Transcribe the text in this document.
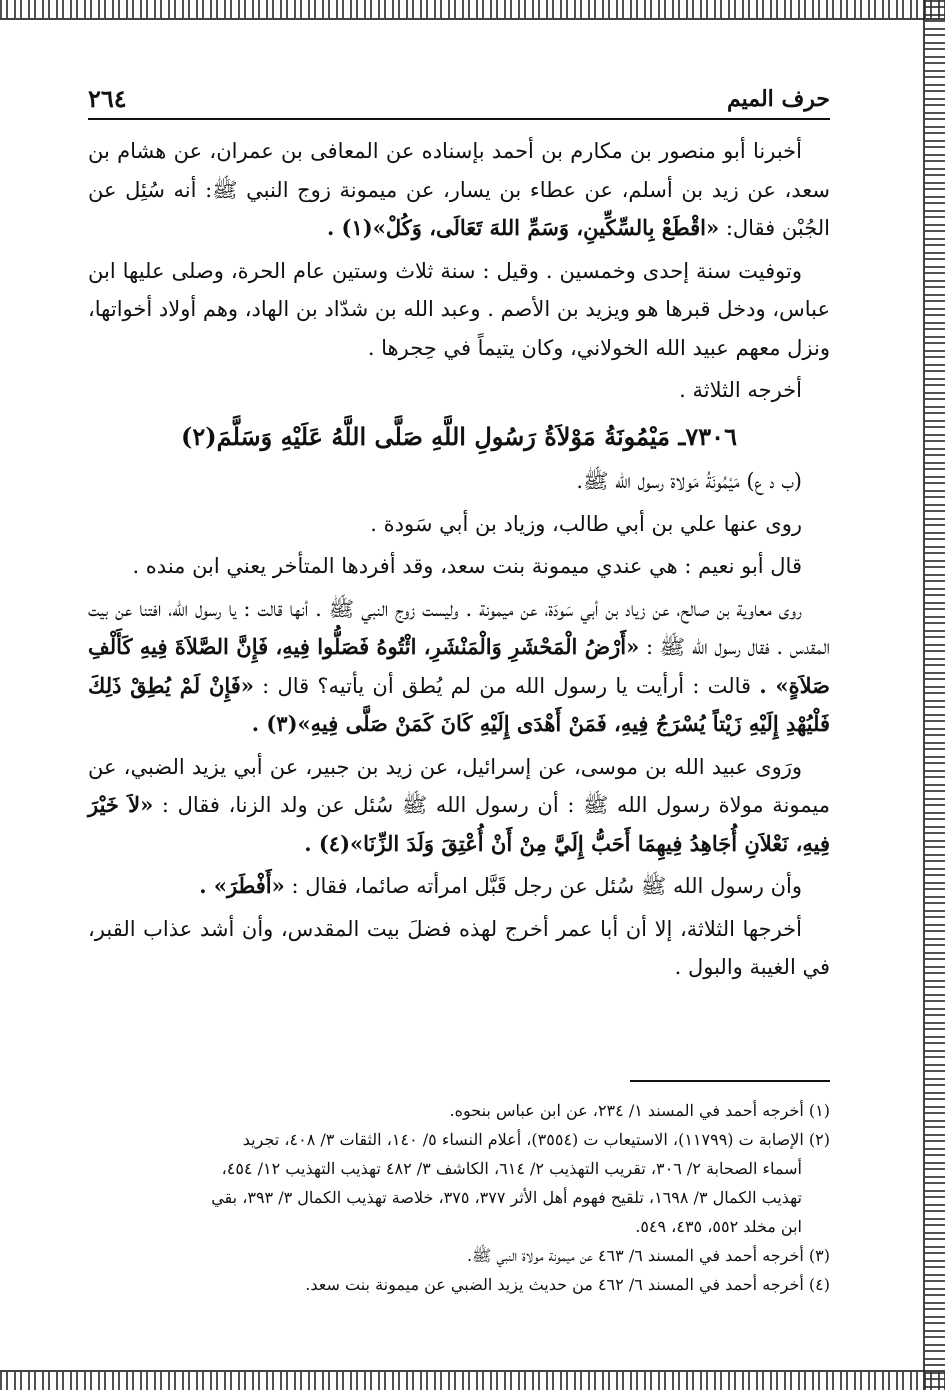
حرف الميم
٢٦٤

أخبرنا أبو منصور بن مكارم بن أحمد بإسناده عن المعافى بن عمران، عن هشام بن سعد، عن زيد بن أسلم، عن عطاء بن يسار، عن ميمونة زوج النبي ﷺ: أنه سُئِل عن الجُبْن فقال: «اقْطَعْ بِالسِّكِّينِ، وَسَمِّ اللهَ تَعَالَى، وَكُلْ»(١) .

وتوفيت سنة إحدى وخمسين . وقيل : سنة ثلاث وستين عام الحرة، وصلى عليها ابن عباس، ودخل قبرها هو ويزيد بن الأصم . وعبد الله بن شدّاد بن الهاد، وهم أولاد أخواتها، ونزل معهم عبيد الله الخولاني، وكان يتيماً في حِجرها .

أخرجه الثلاثة .

٧٣٠٦ـ مَيْمُونَةُ مَوْلاَةُ رَسُولِ اللَّهِ صَلَّى اللَّهُ عَلَيْهِ وَسَلَّمَ(٢)

(ب د ع) مَيْمُونَةُ مَولاة رسول الله ﷺ.

روى عنها علي بن أبي طالب، وزياد بن أبي سَودة .

قال أبو نعيم : هي عندي ميمونة بنت سعد، وقد أفردها المتأخر يعني ابن منده .

روى معاوية بن صالح، عن زياد بن أبي سَودَة، عن ميمونة . وليست زوج النبي ﷺ . أنها قالت : يا رسول الله، افتنا عن بيت المقدس . فقال رسول الله ﷺ : «أَرْضُ الْمَحْشَرِ وَالْمَنْشَرِ، ائْتُوهُ فَصَلُّوا فِيهِ، فَإِنَّ الصَّلاَةَ فِيهِ كَأَلْفِ صَلاَةٍ» . قالت : أرأيت يا رسول الله من لم يُطق أن يأتيه؟ قال : «فَإِنْ لَمْ يُطِقْ ذَلِكَ فَلْيُهْدِ إِلَيْهِ زَيْتاً يُسْرَجُ فِيهِ، فَمَنْ أَهْدَى إِلَيْهِ كَانَ كَمَنْ صَلَّى فِيهِ»(٣) .

ورَوى عبيد الله بن موسى، عن إسرائيل، عن زيد بن جبير، عن أبي يزيد الضبي، عن ميمونة مولاة رسول الله ﷺ : أن رسول الله ﷺ سُئل عن ولد الزنا، فقال : «لاَ خَيْرَ فِيهِ، نَعْلاَنِ أُجَاهِدُ فِيهِمَا أَحَبُّ إِلَيَّ مِنْ أَنْ أُعْتِقَ وَلَدَ الزِّنَا»(٤) .

وأن رسول الله ﷺ سُئل عن رجل قَبَّل امرأته صائما، فقال : «أَفْطَرَ» .

أخرجها الثلاثة، إلا أن أبا عمر أخرج لهذه فضلَ بيت المقدس، وأن أشد عذاب القبر، في الغيبة والبول .

(١) أخرجه أحمد في المسند ١/ ٢٣٤، عن ابن عباس بنحوه.

(٢) الإصابة ت (١١٧٩٩)، الاستيعاب ت (٣٥٥٤)، أعلام النساء ٥/ ١٤٠، الثقات ٣/ ٤٠٨، تجريد

أسماء الصحابة ٢/ ٣٠٦، تقريب التهذيب ٢/ ٦١٤، الكاشف ٣/ ٤٨٢ تهذيب التهذيب ١٢/ ٤٥٤،

تهذيب الكمال ٣/ ١٦٩٨، تلقيح فهوم أهل الأثر ٣٧٧، ٣٧٥، خلاصة تهذيب الكمال ٣/ ٣٩٣، بقي

ابن مخلد ٥٥٢، ٤٣٥، ٥٤٩.

(٣) أخرجه أحمد في المسند ٦/ ٤٦٣ عن ميمونة مولاة النبي ﷺ.

(٤) أخرجه أحمد في المسند ٦/ ٤٦٢ من حديث يزيد الضبي عن ميمونة بنت سعد.
